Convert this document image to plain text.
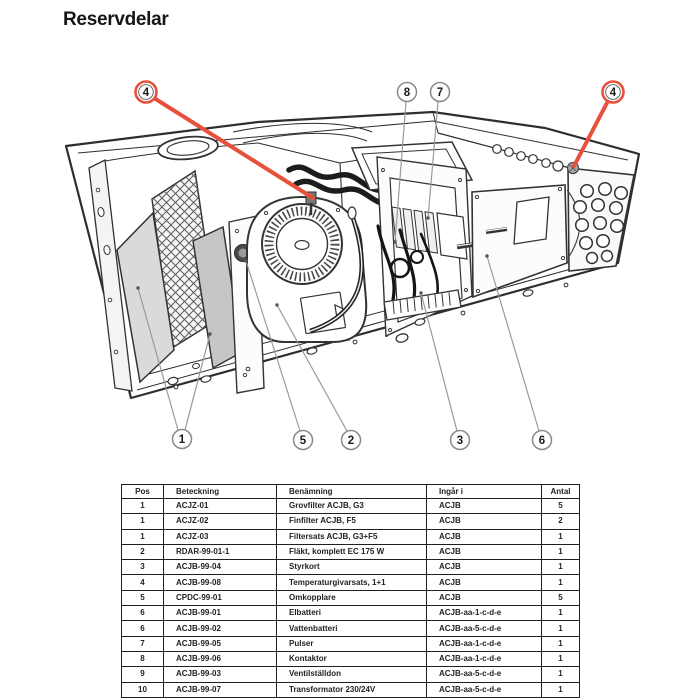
Reservdelar
4	8 7	4
1	5	2	3	6
Pos	Beteckning	Benämning	Ingår i	Antal
1	ACJZ-01	Grovfilter ACJB, G3	ACJB	5
1	ACJZ-02	Finfilter ACJB, F5	ACJB	2
1	ACJZ-03	Filtersats ACJB, G3+F5	ACJB	1
2	RDAR-99-01-1	Fläkt, komplett EC 175 W	ACJB	1
3	ACJB-99-04	Styrkort	ACJB	1
4	ACJB-99-08	Temperaturgivarsats, 1+1	ACJB	1
5	CPDC-99-01	Omkopplare	ACJB	5
6	ACJB-99-01	Elbatteri	ACJB-aa-1-c-d-e	1
6	ACJB-99-02	Vattenbatteri	ACJB-aa-5-c-d-e	1
7	ACJB-99-05	Pulser	ACJB-aa-1-c-d-e	1
8	ACJB-99-06	Kontaktor	ACJB-aa-1-c-d-e	1
9	ACJB-99-03	Ventilställdon	ACJB-aa-5-c-d-e	1
10	ACJB-99-07	Transformator 230/24V	ACJB-aa-5-c-d-e	1
